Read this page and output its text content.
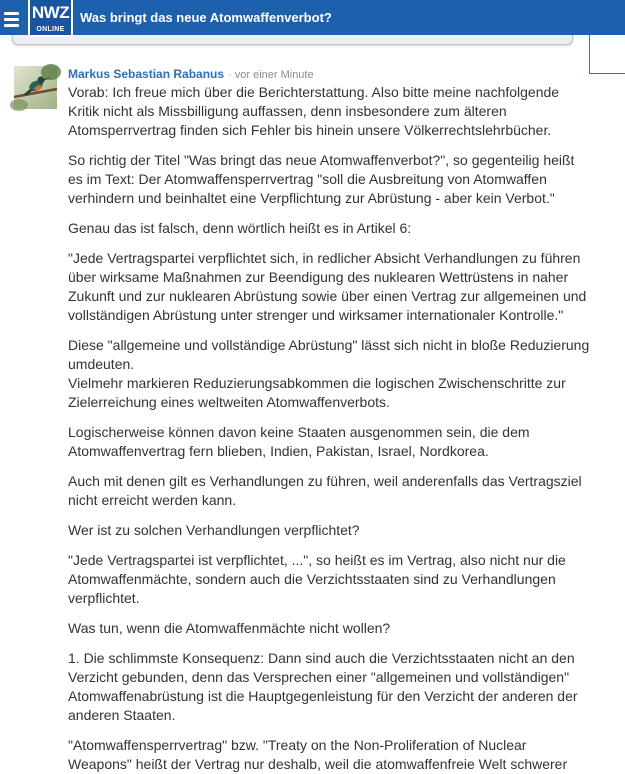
NWZ
ONLINE
Was bringt das neue Atomwaffenverbot?
Markus Sebastian Rabanus · vor einer Minute

Vorab: Ich freue mich über die Berichterstattung. Also bitte meine nachfolgende
Kritik nicht als Missbilligung auffassen, denn insbesondere zum älteren
Atomsperrvertrag finden sich Fehler bis hinein unsere Völkerrechtslehrbücher.

So richtig der Titel "Was bringt das neue Atomwaffenverbot?", so gegenteilig heißt
es im Text: Der Atomwaffensperrvertrag "soll die Ausbreitung von Atomwaffen
verhindern und beinhaltet eine Verpflichtung zur Abrüstung - aber kein Verbot."

Genau das ist falsch, denn wörtlich heißt es in Artikel 6:

"Jede Vertragspartei verpflichtet sich, in redlicher Absicht Verhandlungen zu führen
über wirksame Maßnahmen zur Beendigung des nuklearen Wettrüstens in naher
Zukunft und zur nuklearen Abrüstung sowie über einen Vertrag zur allgemeinen und
vollständigen Abrüstung unter strenger und wirksamer internationaler Kontrolle."

Diese "allgemeine und vollständige Abrüstung" lässt sich nicht in bloße Reduzierung
umdeuten.
Vielmehr markieren Reduzierungsabkommen die logischen Zwischenschritte zur
Zielerreichung eines weltweiten Atomwaffenverbots.

Logischerweise können davon keine Staaten ausgenommen sein, die dem
Atomwaffenvertrag fern blieben, Indien, Pakistan, Israel, Nordkorea.

Auch mit denen gilt es Verhandlungen zu führen, weil anderenfalls das Vertragsziel
nicht erreicht werden kann.

Wer ist zu solchen Verhandlungen verpflichtet?

"Jede Vertragspartei ist verpflichtet, ...", so heißt es im Vertrag, also nicht nur die
Atomwaffenmächte, sondern auch die Verzichtsstaaten sind zu Verhandlungen
verpflichtet.

Was tun, wenn die Atomwaffenmächte nicht wollen?

1. Die schlimmste Konsequenz: Dann sind auch die Verzichtsstaaten nicht an den
Verzicht gebunden, denn das Versprechen einer "allgemeinen und vollständigen"
Atomwaffenabrüstung ist die Hauptgegenleistung für den Verzicht der anderen der
anderen Staaten.

"Atomwaffensperrvertrag" bzw. "Treaty on the Non-Proliferation of Nuclear
Weapons" heißt der Vertrag nur deshalb, weil die atomwaffenfreie Welt schwerer
